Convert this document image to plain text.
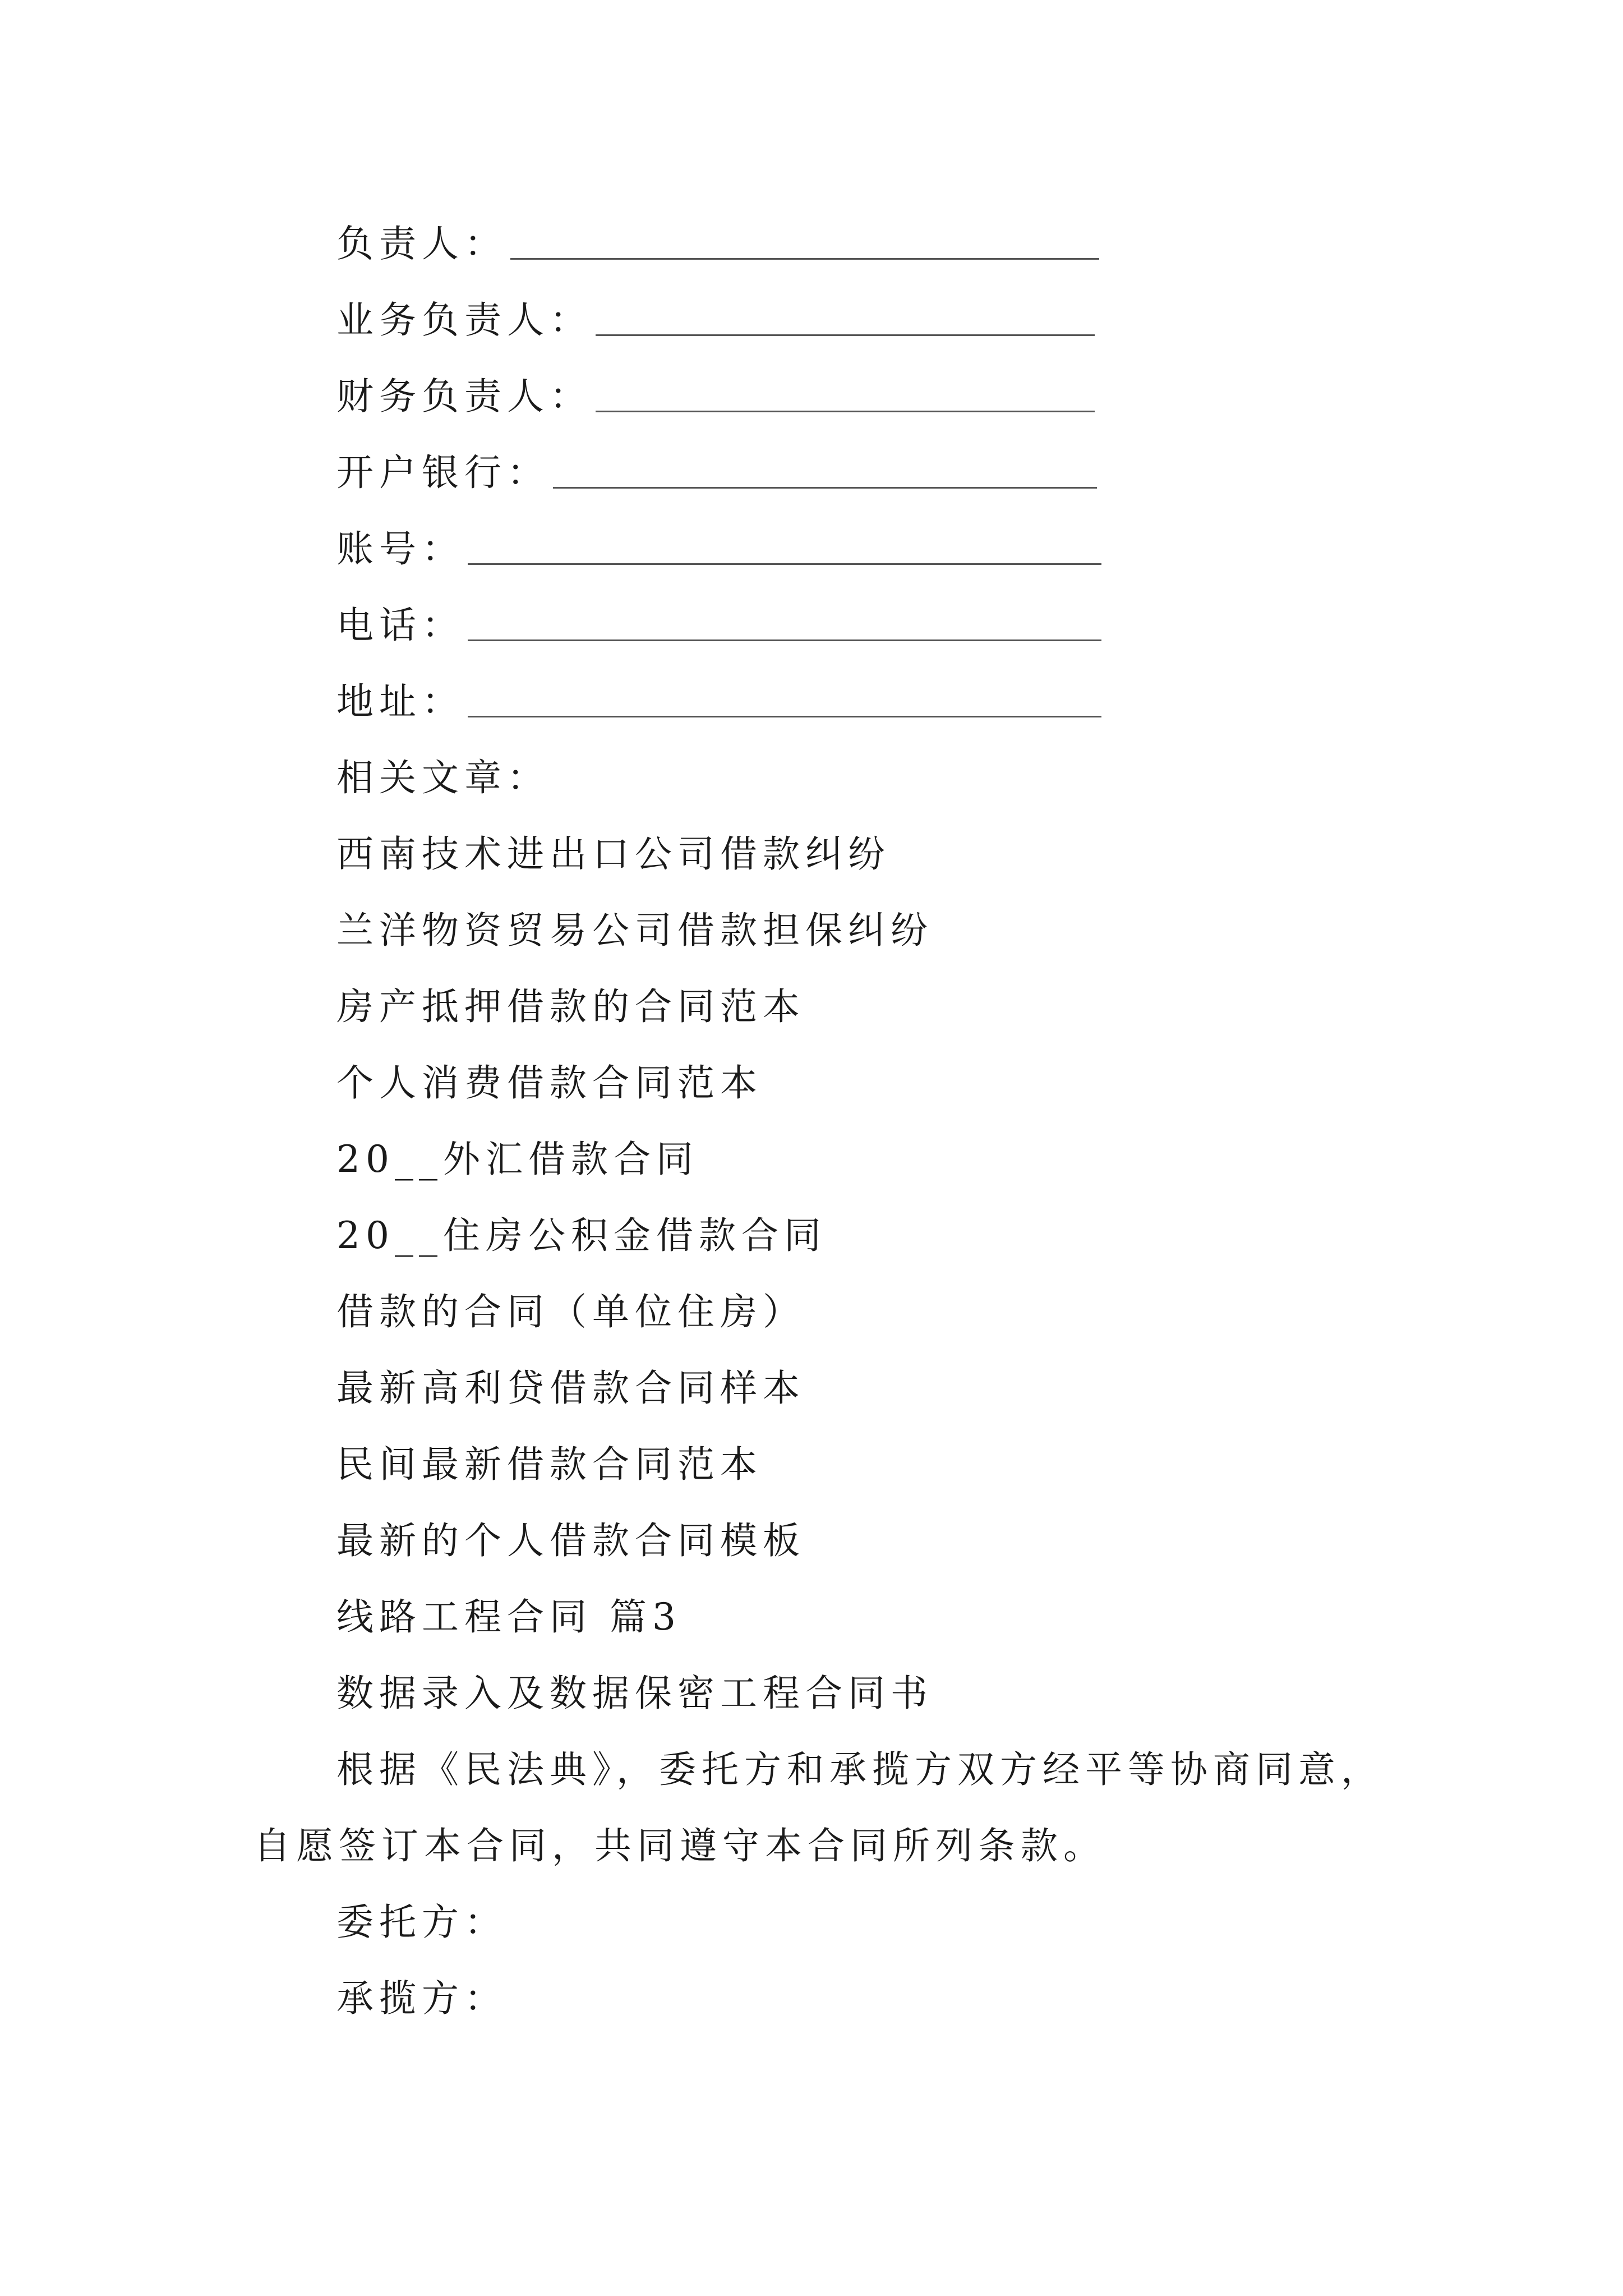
负责人：
业务负责人：
财务负责人：
开户银行：
账号：
电话：
地址：
相关文章：
西南技术进出口公司借款纠纷
兰洋物资贸易公司借款担保纠纷
房产抵押借款的合同范本
个人消费借款合同范本
20__外汇借款合同
20__住房公积金借款合同
借款的合同（单位住房）
最新高利贷借款合同样本
民间最新借款合同范本
最新的个人借款合同模板
线路工程合同 篇3
数据录入及数据保密工程合同书
根据《民法典》，委托方和承揽方双方经平等协商同意，
自愿签订本合同，共同遵守本合同所列条款。
委托方：
承揽方：
